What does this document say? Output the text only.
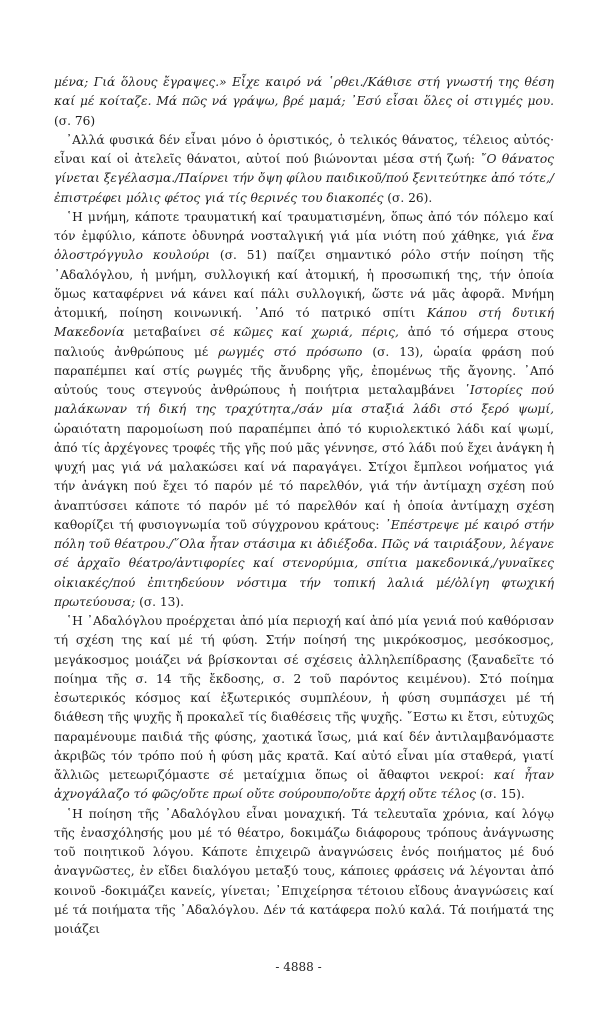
μένα; Γιά ὅλους ἔγραψες.» Εἶχε καιρό νά ῾ρθει./Κάθισε στή γνωστή της θέση καί μέ κοίταζε. Μά πῶς νά γράψω, βρέ μαμά; ᾿Εσύ εἶσαι ὅλες οἱ στιγμές μου. (σ. 76)

᾿Αλλά φυσικά δέν εἶναι μόνο ὁ ὁριστικός, ὁ τελικός θάνατος, τέλειος αὐτός· εἶναι καί οἱ ἀτελεῖς θάνατοι, αὐτοί πού βιώνονται μέσα στή ζωή: ῎Ο θάνατος γίνεται ξεγέλασμα./Παίρνει τήν ὄψη φίλου παιδικοῦ/πού ξενιτεύτηκε ἀπό τότε,/ἐπιστρέφει μόλις φέτος γιά τίς θερινές του διακοπές (σ. 26).

῾Η μνήμη, κάποτε τραυματική καί τραυματισμένη, ὅπως ἀπό τόν πόλεμο καί τόν ἐμφύλιο, κάποτε ὀδυνηρά νοσταλγική γιά μία νιότη πού χάθηκε, γιά ἕνα ὁλοστρόγγυλο κουλούρι (σ. 51) παίζει σημαντικό ρόλο στήν ποίηση τῆς ᾿Αδαλόγλου, ἡ μνήμη, συλλογική καί ἀτομική, ἡ προσωπική της, τήν ὁποία ὅμως καταφέρνει νά κάνει καί πάλι συλλογική, ὥστε νά μᾶς ἀφορᾶ. Μνήμη ἀτομική, ποίηση κοινωνική. ᾿Από τό πατρικό σπίτι Κάπου στή δυτική Μακεδονία μεταβαίνει σέ κῶμες καί χωριά, πέρις, ἀπό τό σήμερα στους παλιούς ἀνθρώπους μέ ρωγμές στό πρόσωπο (σ. 13), ὡραία φράση πού παραπέμπει καί στίς ρωγμές τῆς ἄνυδρης γῆς, ἐπομένως τῆς ἄγονης. ᾿Από αὐτούς τους στεγνούς ἀνθρώπους ἡ ποιήτρια μεταλαμβάνει ῾Ιστορίες πού μαλάκωναν τή δική της τραχύτητα,/σάν μία σταξιά λάδι στό ξερό ψωμί, ὡραιότατη παρομοίωση πού παραπέμπει ἀπό τό κυριολεκτικό λάδι καί ψωμί, ἀπό τίς ἀρχέγονες τροφές τῆς γῆς πού μᾶς γέννησε, στό λάδι πού ἔχει ἀνάγκη ἡ ψυχή μας γιά νά μαλακώσει καί νά παραγάγει. Στίχοι ἔμπλεοι νοήματος γιά τήν ἀνάγκη πού ἔχει τό παρόν μέ τό παρελθόν, γιά τήν ἀντίμαχη σχέση πού ἀναπτύσσει κάποτε τό παρόν μέ τό παρελθόν καί ἡ ὁποία ἀντίμαχη σχέση καθορίζει τή φυσιογνωμία τοῦ σύγχρονου κράτους: ᾿Επέστρεψε μέ καιρό στήν πόλη τοῦ θέατρου./῞Ολα ἦταν στάσιμα κι ἀδιέξοδα. Πῶς νά ταιριάξουν, λέγανε σέ ἀρχαῖο θέατρο/ἀντιφορίες καί στενορύμια, σπίτια μακεδονικά,/γυναῖκες οἰκιακές/πού ἐπιτηδεύουν νόστιμα τήν τοπική λαλιά μέ/ὀλίγη φτωχική πρωτεύουσα; (σ. 13).

῾Η ᾿Αδαλόγλου προέρχεται ἀπό μία περιοχή καί ἀπό μία γενιά πού καθόρισαν τή σχέση της καί μέ τή φύση. Στήν ποίησή της μικρόκοσμος, μεσόκοσμος, μεγάκοσμος μοιάζει νά βρίσκονται σέ σχέσεις ἀλληλεπίδρασης (ξαναδεῖτε τό ποίημα τῆς σ. 14 τῆς ἔκδοσης, σ. 2 τοῦ παρόντος κειμένου). Στό ποίημα ἐσωτερικός κόσμος καί ἐξωτερικός συμπλέουν, ἡ φύση συμπάσχει μέ τή διάθεση τῆς ψυχῆς ἤ προκαλεῖ τίς διαθέσεις τῆς ψυχῆς. ῎Εστω κι ἔτσι, εὐτυχῶς παραμένουμε παιδιά τῆς φύσης, χαοτικά ἴσως, μιά καί δέν ἀντιλαμβανόμαστε ἀκριβῶς τόν τρόπο πού ἡ φύση μᾶς κρατᾶ. Καί αὐτό εἶναι μία σταθερά, γιατί ἄλλιῶς μετεωριζόμαστε σέ μεταίχμια ὅπως οἱ ἄθαφτοι νεκροί: καί ἦταν ἀχνογάλαζο τό φῶς/οὔτε πρωί οὔτε σούρουπο/οὔτε ἀρχή οὔτε τέλος (σ. 15).

῾Η ποίηση τῆς ᾿Αδαλόγλου εἶναι μοναχική. Τά τελευταῖα χρόνια, καί λόγῳ τῆς ἐνασχόλησής μου μέ τό θέατρο, δοκιμάζω διάφορους τρόπους ἀνάγνωσης τοῦ ποιητικοῦ λόγου. Κάποτε ἐπιχειρῶ ἀναγνώσεις ἑνός ποιήματος μέ δυό ἀναγνῶστες, ἐν εἴδει διαλόγου μεταξύ τους, κάποιες φράσεις νά λέγονται ἀπό κοινοῦ -δοκιμάζει κανείς, γίνεται; ᾿Επιχείρησα τέτοιου εἴδους ἀναγνώσεις καί μέ τά ποιήματα τῆς ᾿Αδαλόγλου. Δέν τά κατάφερα πολύ καλά. Τά ποιήματά της μοιάζει

- 4888 -
